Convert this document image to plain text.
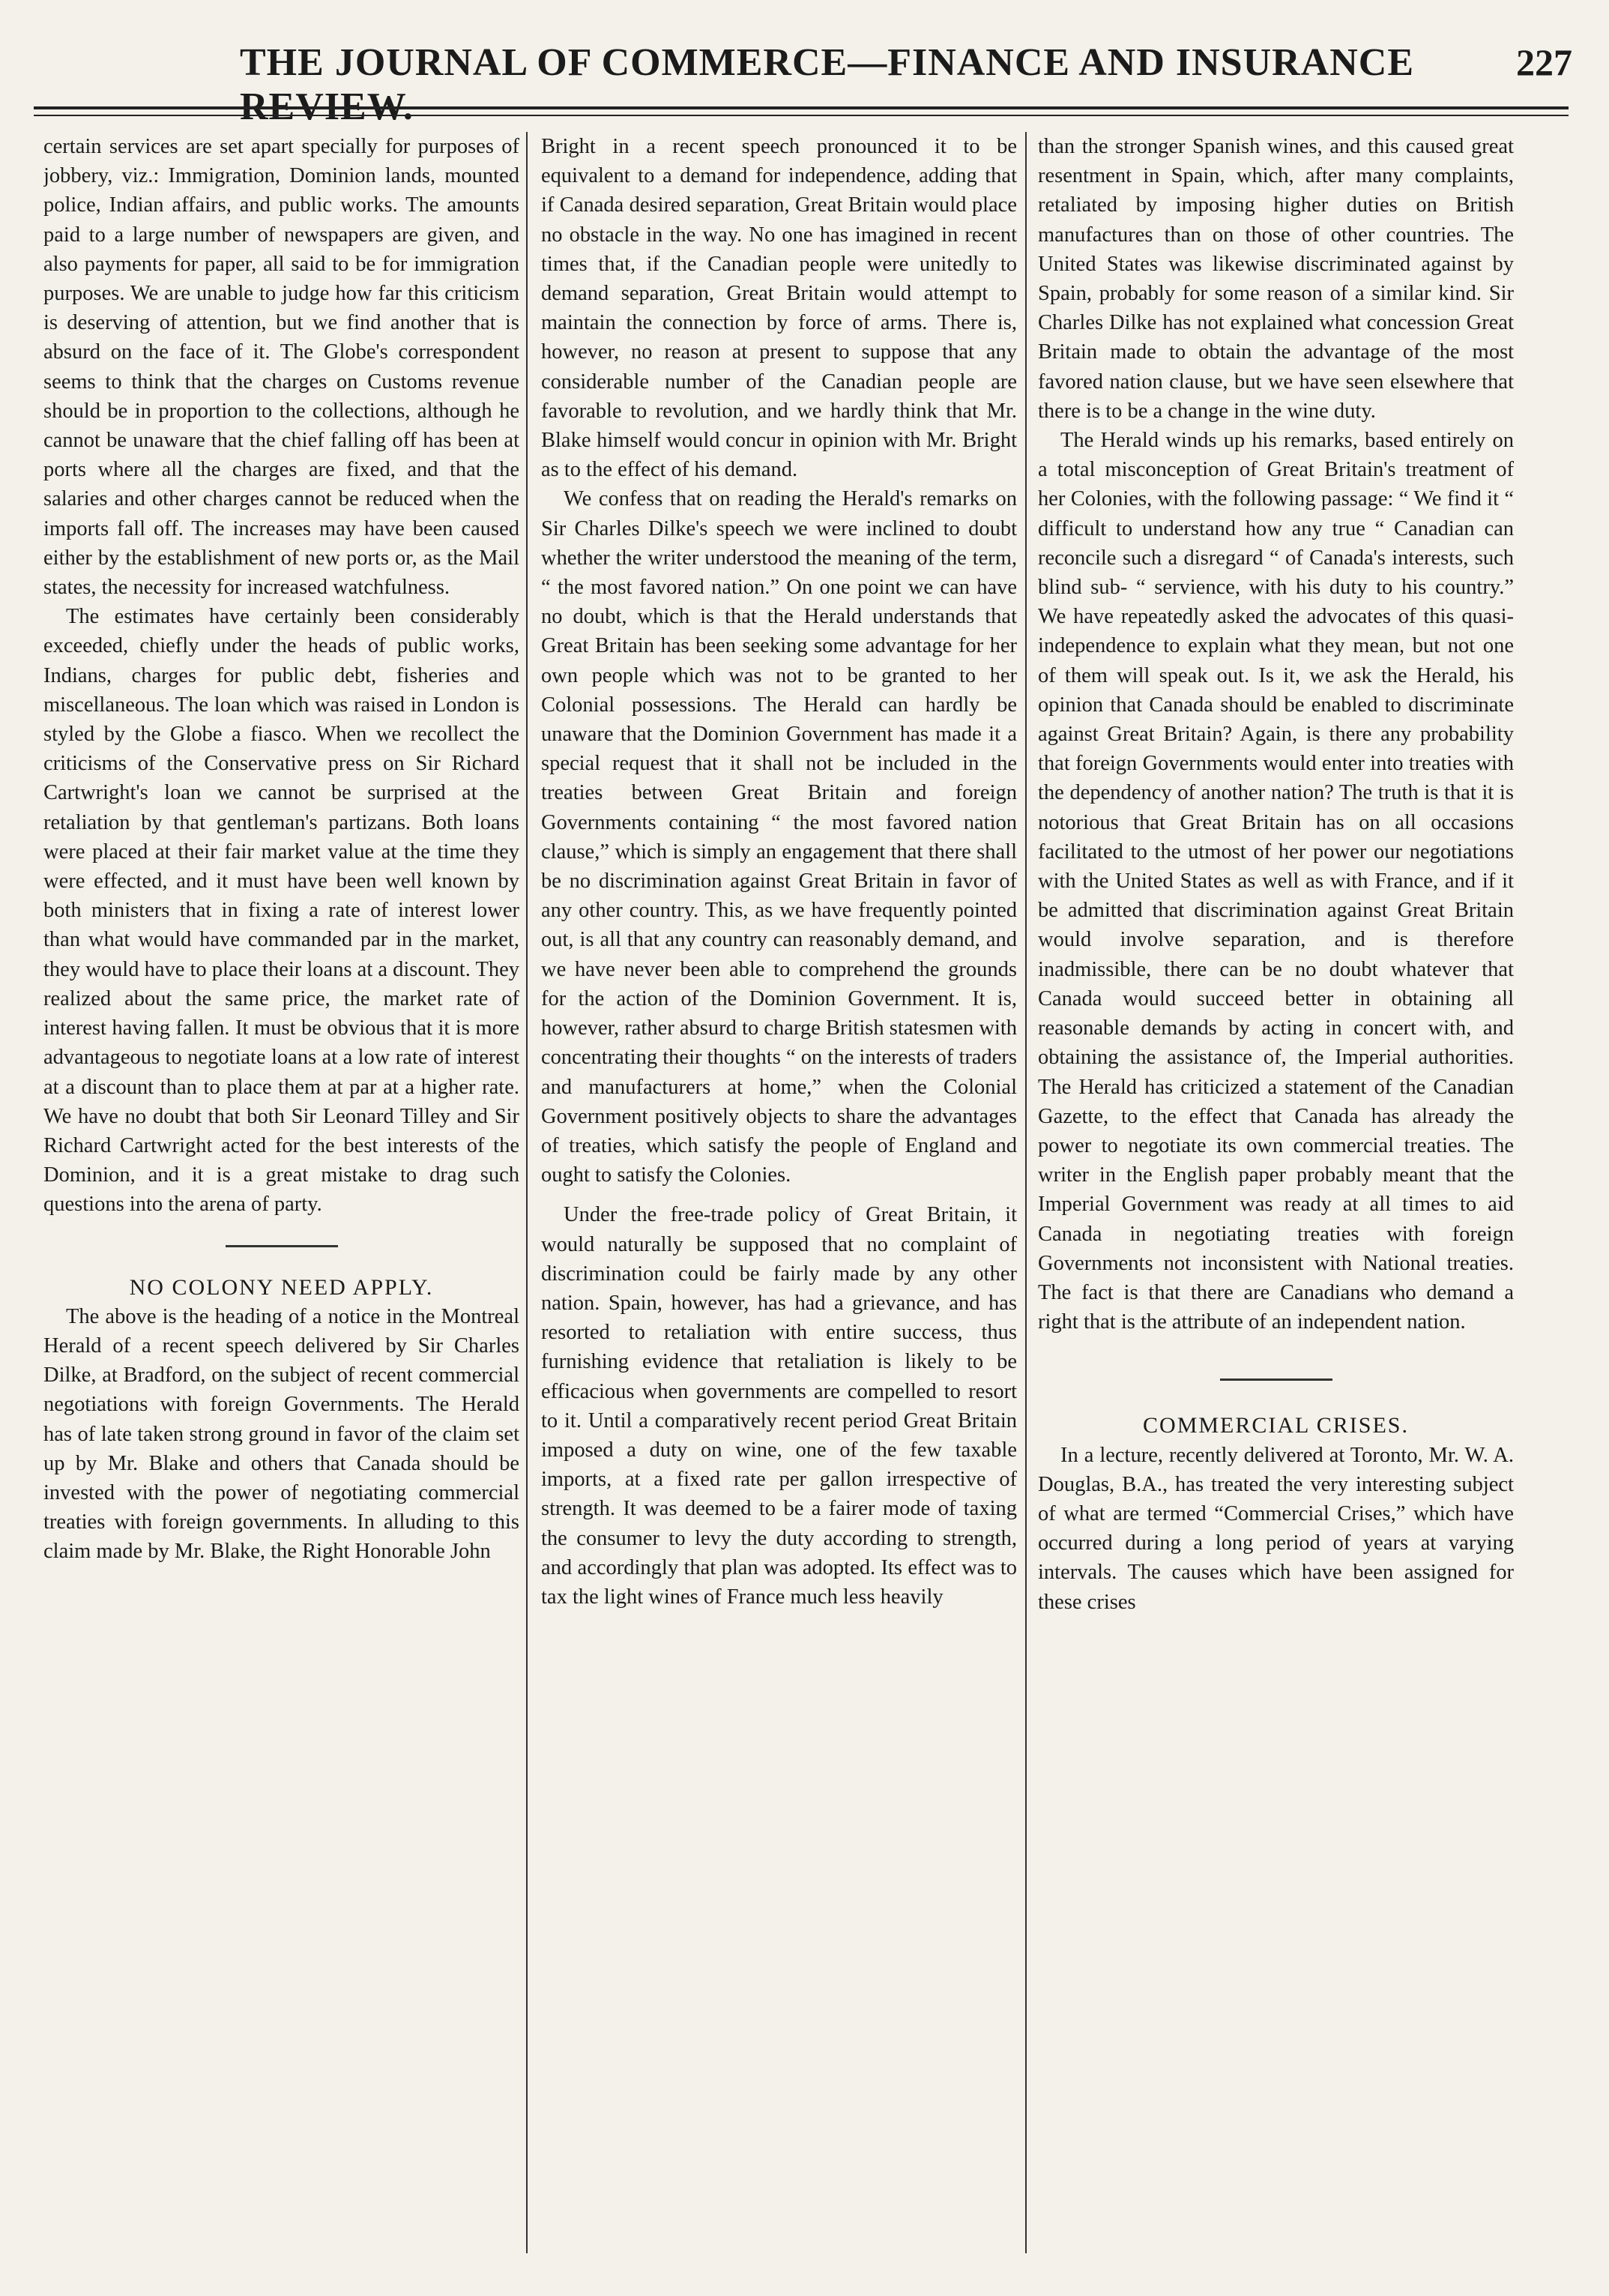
THE JOURNAL OF COMMERCE—FINANCE AND INSURANCE REVIEW.
227

certain services are set apart specially for purposes of jobbery, viz.: Immigration, Dominion lands, mounted police, Indian affairs, and public works. The amounts paid to a large number of newspapers are given, and also payments for paper, all said to be for immigration purposes. We are unable to judge how far this criticism is deserving of attention, but we find another that is absurd on the face of it. The Globe's correspondent seems to think that the charges on Customs revenue should be in proportion to the collections, although he cannot be unaware that the chief falling off has been at ports where all the charges are fixed, and that the salaries and other charges cannot be reduced when the imports fall off. The increases may have been caused either by the establishment of new ports or, as the Mail states, the necessity for increased watchfulness.

The estimates have certainly been considerably exceeded, chiefly under the heads of public works, Indians, charges for public debt, fisheries and miscellaneous. The loan which was raised in London is styled by the Globe a fiasco. When we recollect the criticisms of the Conservative press on Sir Richard Cartwright's loan we cannot be surprised at the retaliation by that gentleman's partizans. Both loans were placed at their fair market value at the time they were effected, and it must have been well known by both ministers that in fixing a rate of interest lower than what would have commanded par in the market, they would have to place their loans at a discount. They realized about the same price, the market rate of interest having fallen. It must be obvious that it is more advantageous to negotiate loans at a low rate of interest at a discount than to place them at par at a higher rate. We have no doubt that both Sir Leonard Tilley and Sir Richard Cartwright acted for the best interests of the Dominion, and it is a great mistake to drag such questions into the arena of party.

NO COLONY NEED APPLY.

The above is the heading of a notice in the Montreal Herald of a recent speech delivered by Sir Charles Dilke, at Bradford, on the subject of recent commercial negotiations with foreign Governments. The Herald has of late taken strong ground in favor of the claim set up by Mr. Blake and others that Canada should be invested with the power of negotiating commercial treaties with foreign governments. In alluding to this claim made by Mr. Blake, the Right Honorable John

Bright in a recent speech pronounced it to be equivalent to a demand for independence, adding that if Canada desired separation, Great Britain would place no obstacle in the way. No one has imagined in recent times that, if the Canadian people were unitedly to demand separation, Great Britain would attempt to maintain the connection by force of arms. There is, however, no reason at present to suppose that any considerable number of the Canadian people are favorable to revolution, and we hardly think that Mr. Blake himself would concur in opinion with Mr. Bright as to the effect of his demand.

We confess that on reading the Herald's remarks on Sir Charles Dilke's speech we were inclined to doubt whether the writer understood the meaning of the term, “ the most favored nation.” On one point we can have no doubt, which is that the Herald understands that Great Britain has been seeking some advantage for her own people which was not to be granted to her Colonial possessions. The Herald can hardly be unaware that the Dominion Government has made it a special request that it shall not be included in the treaties between Great Britain and foreign Governments containing “ the most favored nation clause,” which is simply an engagement that there shall be no discrimination against Great Britain in favor of any other country. This, as we have frequently pointed out, is all that any country can reasonably demand, and we have never been able to comprehend the grounds for the action of the Dominion Government. It is, however, rather absurd to charge British statesmen with concentrating their thoughts “ on the interests of traders and manufacturers at home,” when the Colonial Government positively objects to share the advantages of treaties, which satisfy the people of England and ought to satisfy the Colonies.

Under the free-trade policy of Great Britain, it would naturally be supposed that no complaint of discrimination could be fairly made by any other nation. Spain, however, has had a grievance, and has resorted to retaliation with entire success, thus furnishing evidence that retaliation is likely to be efficacious when governments are compelled to resort to it. Until a comparatively recent period Great Britain imposed a duty on wine, one of the few taxable imports, at a fixed rate per gallon irrespective of strength. It was deemed to be a fairer mode of taxing the consumer to levy the duty according to strength, and accordingly that plan was adopted. Its effect was to tax the light wines of France much less heavily

than the stronger Spanish wines, and this caused great resentment in Spain, which, after many complaints, retaliated by imposing higher duties on British manufactures than on those of other countries. The United States was likewise discriminated against by Spain, probably for some reason of a similar kind. Sir Charles Dilke has not explained what concession Great Britain made to obtain the advantage of the most favored nation clause, but we have seen elsewhere that there is to be a change in the wine duty.

The Herald winds up his remarks, based entirely on a total misconception of Great Britain's treatment of her Colonies, with the following passage: “ We find it “ difficult to understand how any true “ Canadian can reconcile such a disregard “ of Canada's interests, such blind sub- “ servience, with his duty to his country.” We have repeatedly asked the advocates of this quasi-independence to explain what they mean, but not one of them will speak out. Is it, we ask the Herald, his opinion that Canada should be enabled to discriminate against Great Britain? Again, is there any probability that foreign Governments would enter into treaties with the dependency of another nation? The truth is that it is notorious that Great Britain has on all occasions facilitated to the utmost of her power our negotiations with the United States as well as with France, and if it be admitted that discrimination against Great Britain would involve separation, and is therefore inadmissible, there can be no doubt whatever that Canada would succeed better in obtaining all reasonable demands by acting in concert with, and obtaining the assistance of, the Imperial authorities. The Herald has criticized a statement of the Canadian Gazette, to the effect that Canada has already the power to negotiate its own commercial treaties. The writer in the English paper probably meant that the Imperial Government was ready at all times to aid Canada in negotiating treaties with foreign Governments not inconsistent with National treaties. The fact is that there are Canadians who demand a right that is the attribute of an independent nation.

COMMERCIAL CRISES.

In a lecture, recently delivered at Toronto, Mr. W. A. Douglas, B.A., has treated the very interesting subject of what are termed “Commercial Crises,” which have occurred during a long period of years at varying intervals. The causes which have been assigned for these crises
